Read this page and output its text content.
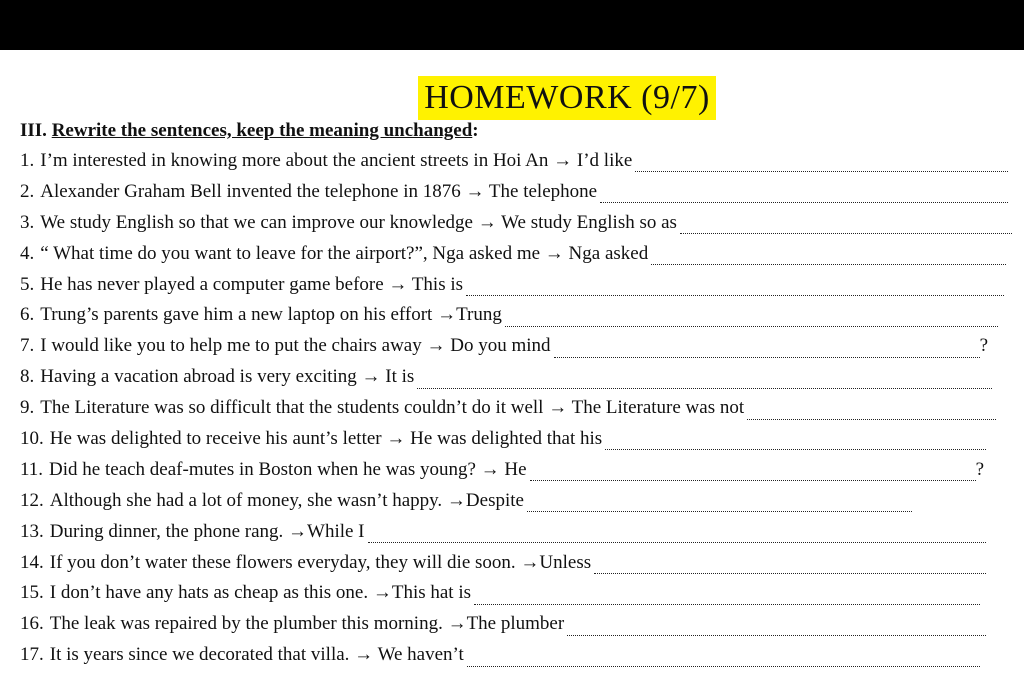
HOMEWORK (9/7)
III. Rewrite the sentences, keep the meaning unchanged:
1. I’m interested in knowing more about the ancient streets in Hoi An → I’d like
2. Alexander Graham Bell invented the telephone in 1876 → The telephone
3. We study English so that we can improve our knowledge → We study English so as
4. “ What time do you want to leave for the airport?”, Nga asked me → Nga asked
5. He has never played a computer game before → This is
6. Trung’s parents gave him a new laptop on his effort →Trung
7. I would like you to help me to put the chairs away → Do you mind	?
8. Having a vacation abroad is very exciting → It is
9. The Literature was so difficult that the students couldn’t do it well → The Literature was not
10. He was delighted to receive his aunt’s letter → He was delighted that his
11. Did he teach deaf-mutes in Boston when he was young? → He	?
12. Although she had a lot of money, she wasn’t happy. →Despite
13. During dinner, the phone rang. →While I
14. If you don’t water these flowers everyday, they will die soon. →Unless
15. I don’t have any hats as cheap as this one. →This hat is
16. The leak was repaired by the plumber this morning. →The plumber
17. It is years since we decorated that villa. → We haven’t
